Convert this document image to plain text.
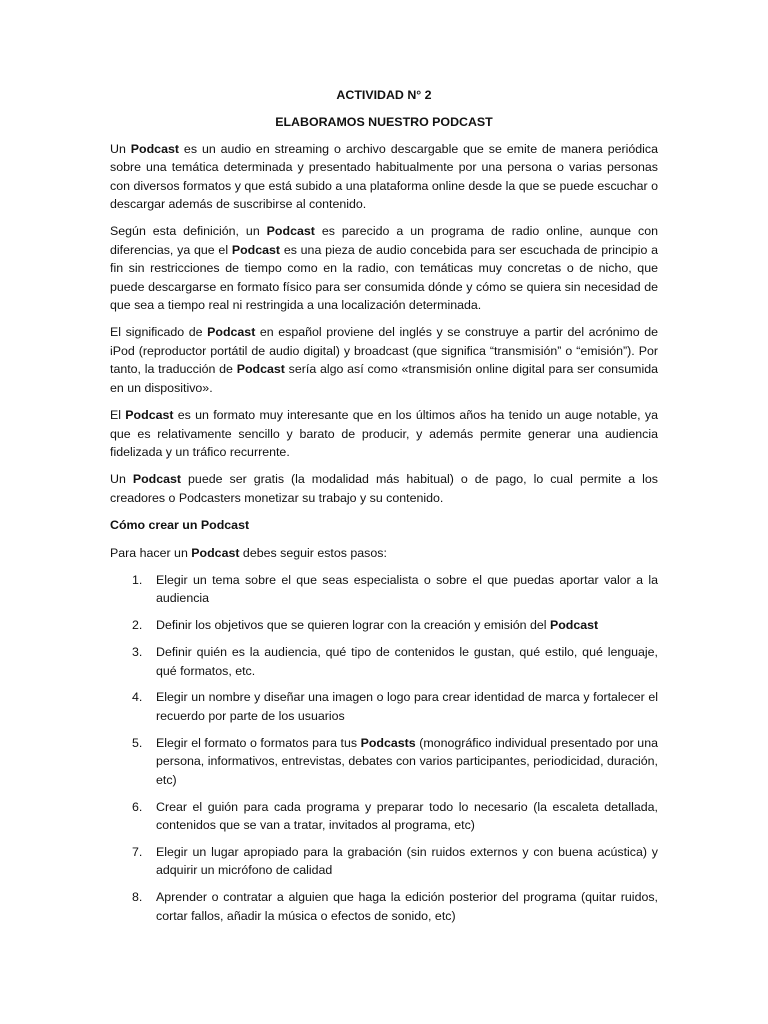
ACTIVIDAD N° 2
ELABORAMOS NUESTRO PODCAST

Un Podcast es un audio en streaming o archivo descargable que se emite de manera periódica sobre una temática determinada y presentado habitualmente por una persona o varias personas con diversos formatos y que está subido a una plataforma online desde la que se puede escuchar o descargar además de suscribirse al contenido.

Según esta definición, un Podcast es parecido a un programa de radio online, aunque con diferencias, ya que el Podcast es una pieza de audio concebida para ser escuchada de principio a fin sin restricciones de tiempo como en la radio, con temáticas muy concretas o de nicho, que puede descargarse en formato físico para ser consumida dónde y cómo se quiera sin necesidad de que sea a tiempo real ni restringida a una localización determinada.

El significado de Podcast en español proviene del inglés y se construye a partir del acrónimo de iPod (reproductor portátil de audio digital) y broadcast (que significa “transmisión” o “emisión”). Por tanto, la traducción de Podcast sería algo así como «transmisión online digital para ser consumida en un dispositivo».

El Podcast es un formato muy interesante que en los últimos años ha tenido un auge notable, ya que es relativamente sencillo y barato de producir, y además permite generar una audiencia fidelizada y un tráfico recurrente.

Un Podcast puede ser gratis (la modalidad más habitual) o de pago, lo cual permite a los creadores o Podcasters monetizar su trabajo y su contenido.

Cómo crear un Podcast

Para hacer un Podcast debes seguir estos pasos:

1. Elegir un tema sobre el que seas especialista o sobre el que puedas aportar valor a la audiencia
2. Definir los objetivos que se quieren lograr con la creación y emisión del Podcast
3. Definir quién es la audiencia, qué tipo de contenidos le gustan, qué estilo, qué lenguaje, qué formatos, etc.
4. Elegir un nombre y diseñar una imagen o logo para crear identidad de marca y fortalecer el recuerdo por parte de los usuarios
5. Elegir el formato o formatos para tus Podcasts (monográfico individual presentado por una persona, informativos, entrevistas, debates con varios participantes, periodicidad, duración, etc)
6. Crear el guión para cada programa y preparar todo lo necesario (la escaleta detallada, contenidos que se van a tratar, invitados al programa, etc)
7. Elegir un lugar apropiado para la grabación (sin ruidos externos y con buena acústica) y adquirir un micrófono de calidad
8. Aprender o contratar a alguien que haga la edición posterior del programa (quitar ruidos, cortar fallos, añadir la música o efectos de sonido, etc)
